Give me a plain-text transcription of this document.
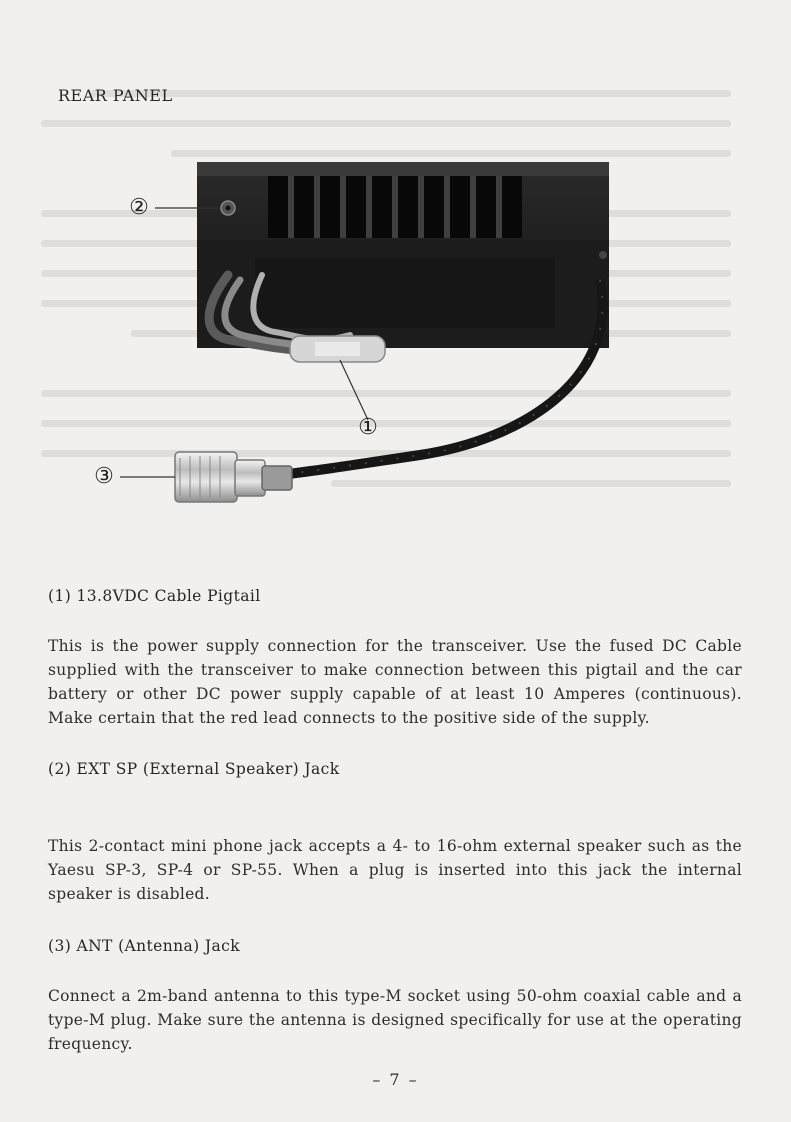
REAR PANEL
②
①
③
(1) 13.8VDC Cable Pigtail
This is the power supply connection for the transceiver. Use the fused DC Cable supplied with the transceiver to make connection between this pigtail and the car battery or other DC power supply capable of at least 10 Amperes (continuous). Make certain that the red lead connects to the positive side of the supply.
(2) EXT SP (External Speaker) Jack
This 2-contact mini phone jack accepts a 4- to 16-ohm external speaker such as the Yaesu SP-3, SP-4 or SP-55. When a plug is inserted into this jack the internal speaker is disabled.
(3) ANT (Antenna) Jack
Connect a 2m-band antenna to this type-M socket using 50-ohm coaxial cable and a type-M plug. Make sure the antenna is designed specifically for use at the operating frequency.
– 7 –
